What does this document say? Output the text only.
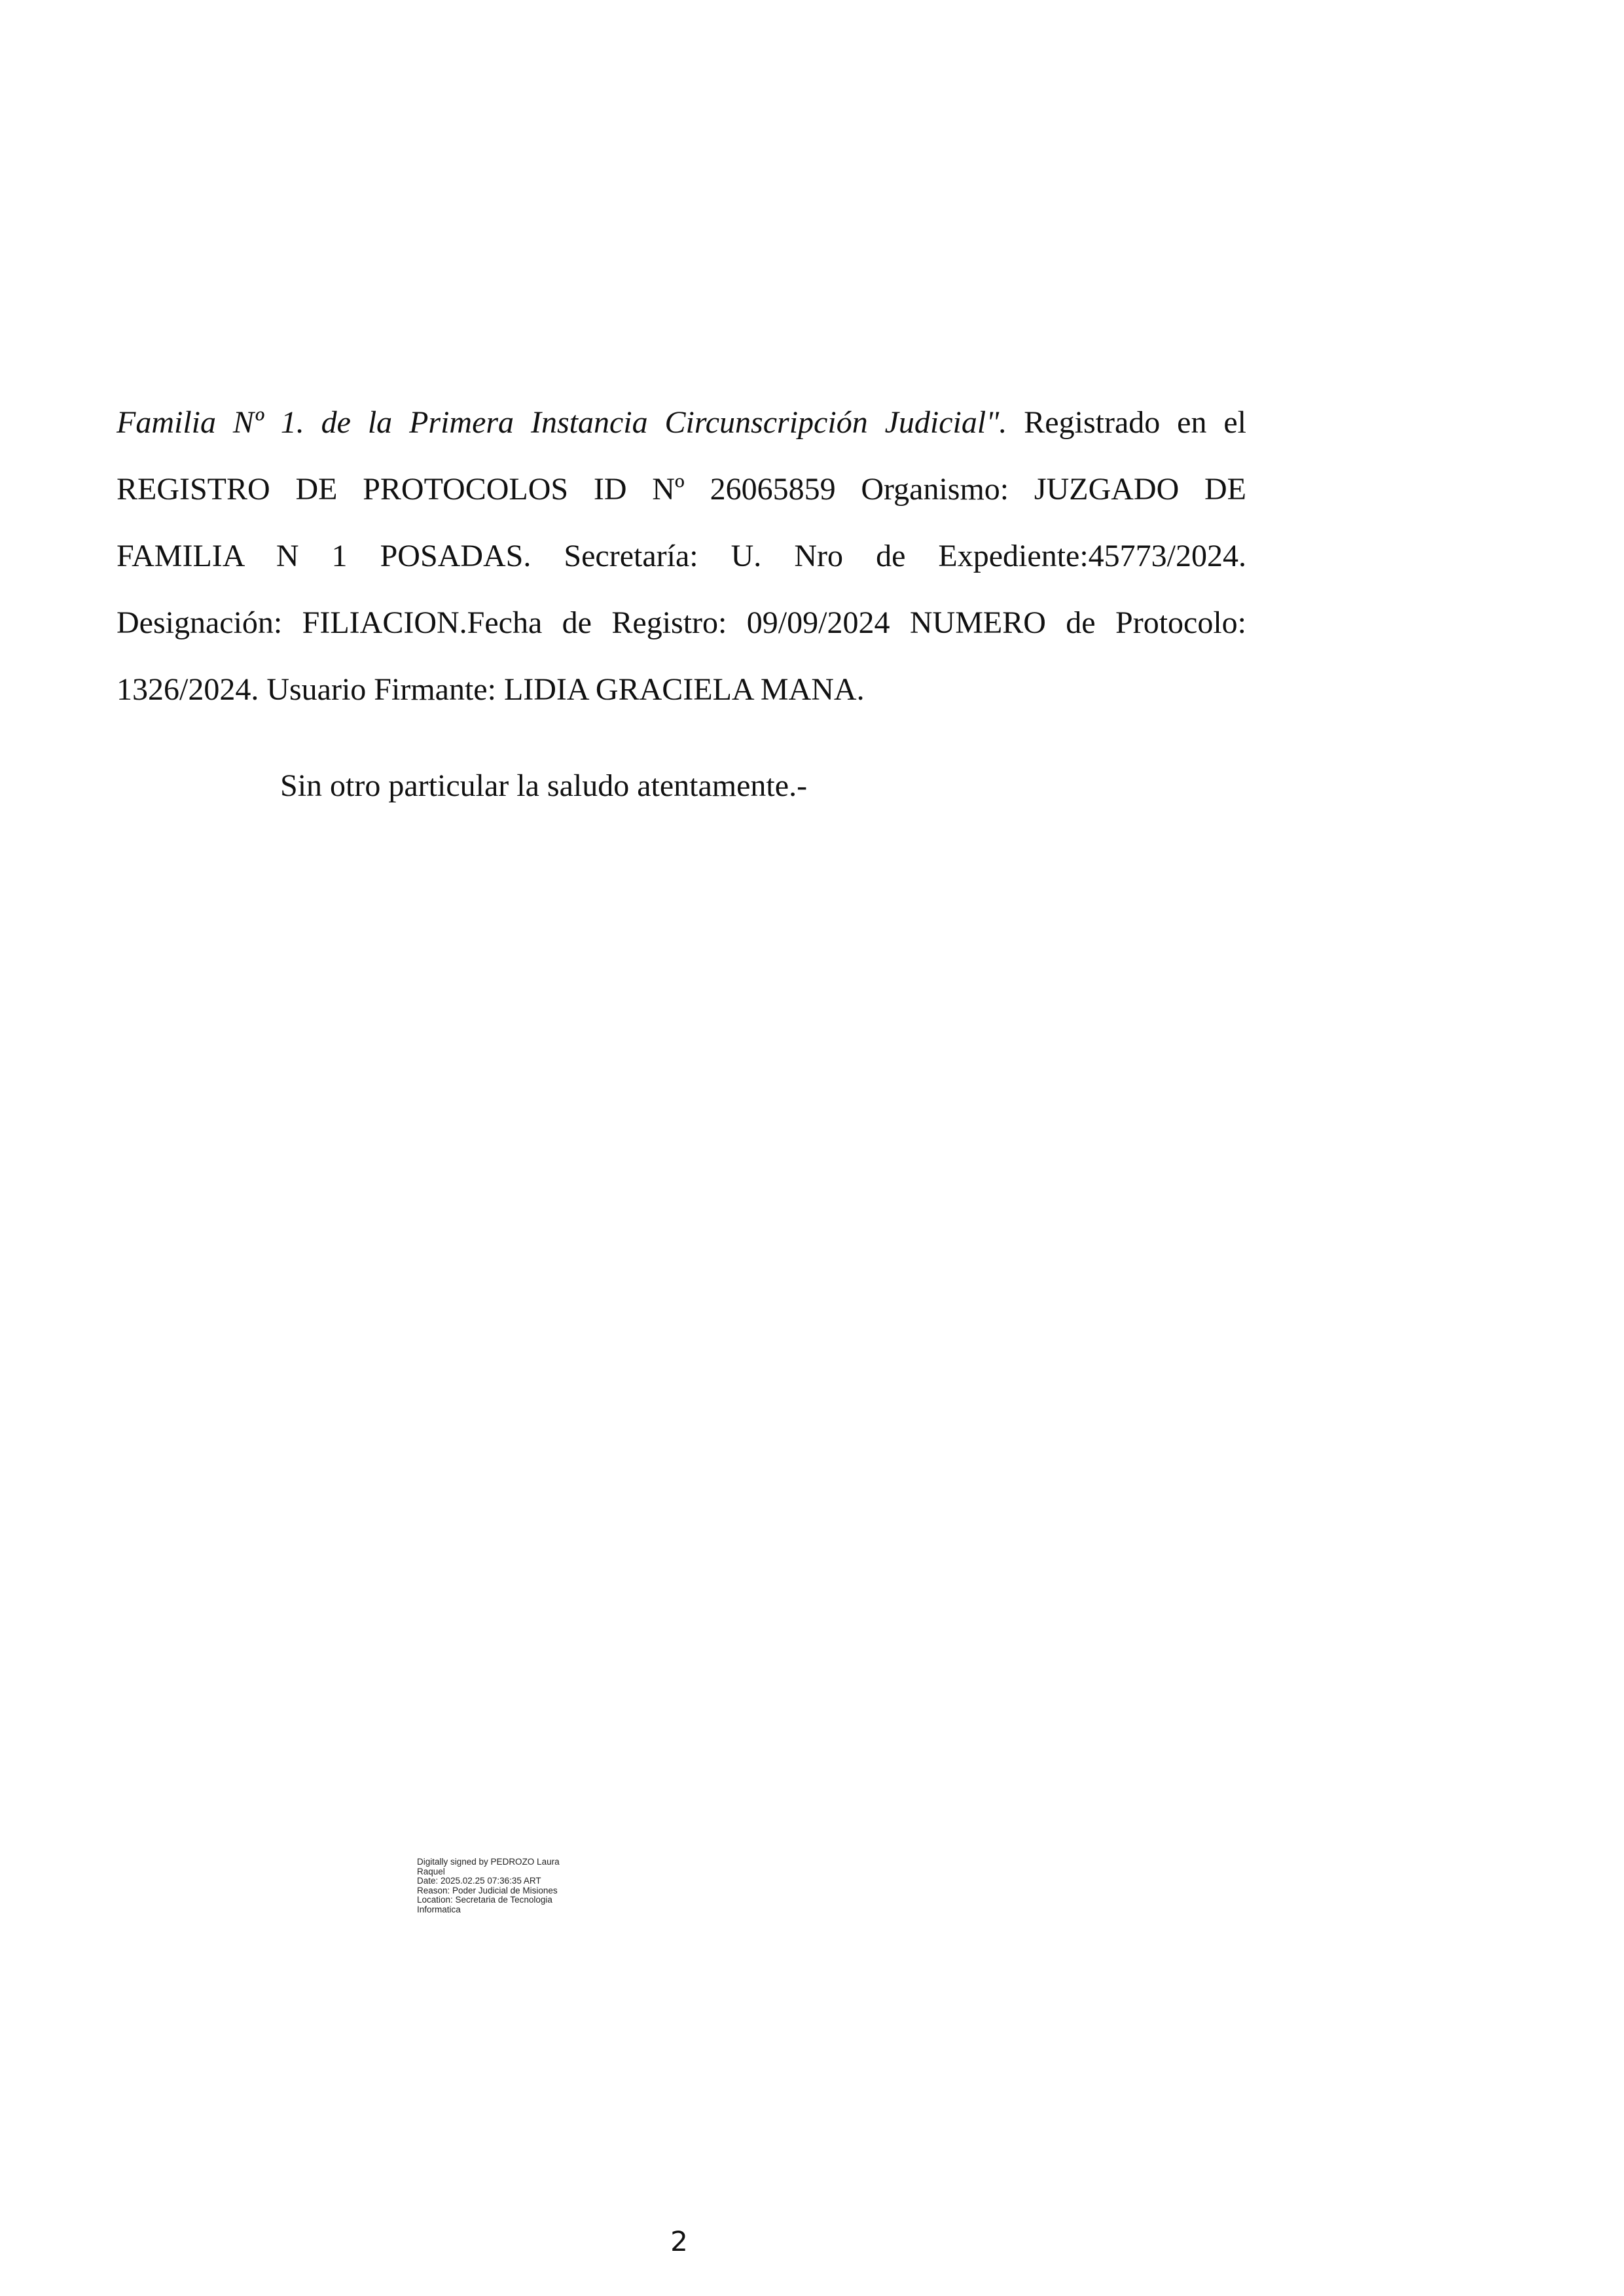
Familia Nº 1. de la Primera Instancia Circunscripción Judicial". Registrado en el
REGISTRO DE PROTOCOLOS ID Nº 26065859 Organismo: JUZGADO DE
FAMILIA N 1 POSADAS. Secretaría: U. Nro de Expediente:45773/2024.
Designación: FILIACION.Fecha de Registro: 09/09/2024 NUMERO de Protocolo:
1326/2024. Usuario Firmante: LIDIA GRACIELA MANA.
Sin otro particular la saludo atentamente.-
Digitally signed by PEDROZO Laura
Raquel
Date: 2025.02.25 07:36:35 ART
Reason: Poder Judicial de Misiones
Location: Secretaria de Tecnologia
Informatica
2
